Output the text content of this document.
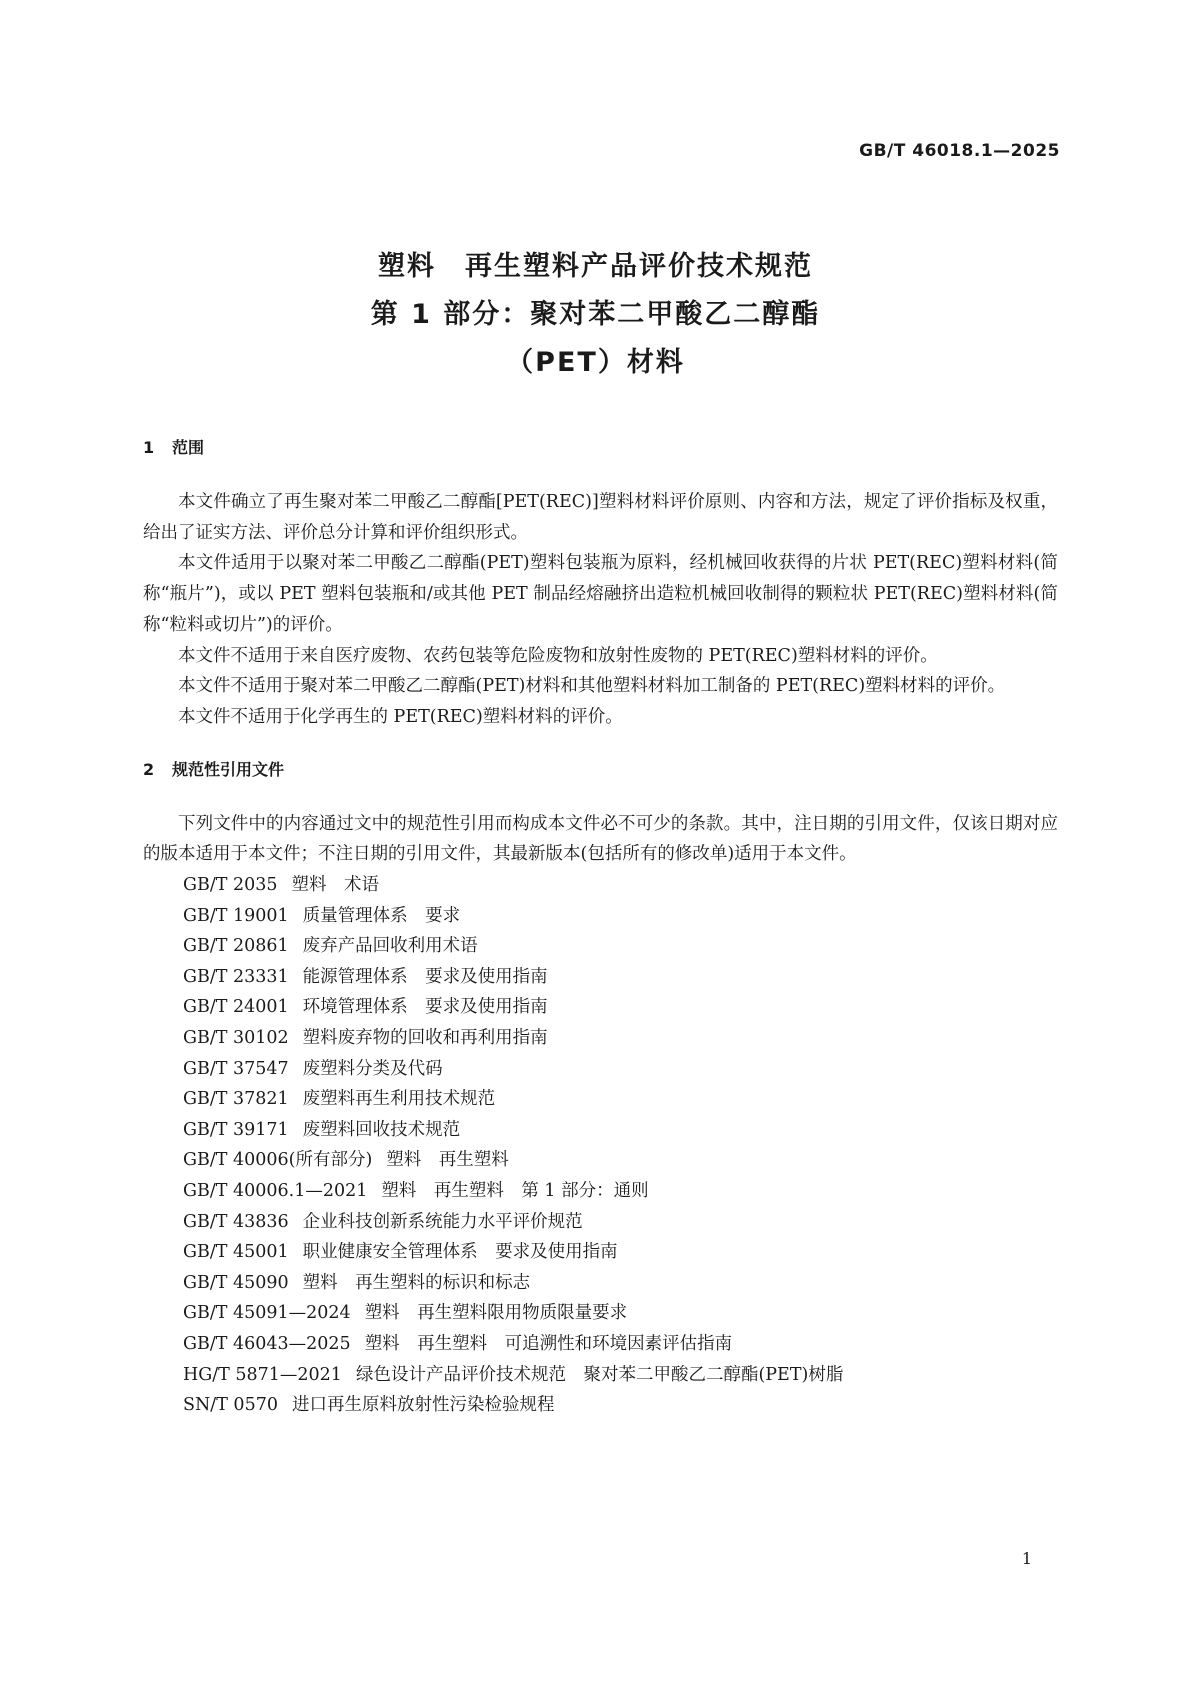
GB/T 46018.1—2025

塑料　再生塑料产品评价技术规范

第 1 部分：聚对苯二甲酸乙二醇酯

（PET）材料

1 范围

本文件确立了再生聚对苯二甲酸乙二醇酯[PET(REC)]塑料材料评价原则、内容和方法，规定了评价指标及权重，给出了证实方法、评价总分计算和评价组织形式。

本文件适用于以聚对苯二甲酸乙二醇酯(PET)塑料包装瓶为原料，经机械回收获得的片状 PET(REC)塑料材料(简称“瓶片”)，或以 PET 塑料包装瓶和/或其他 PET 制品经熔融挤出造粒机械回收制得的颗粒状 PET(REC)塑料材料(简称“粒料或切片”)的评价。

本文件不适用于来自医疗废物、农药包装等危险废物和放射性废物的 PET(REC)塑料材料的评价。

本文件不适用于聚对苯二甲酸乙二醇酯(PET)材料和其他塑料材料加工制备的 PET(REC)塑料材料的评价。

本文件不适用于化学再生的 PET(REC)塑料材料的评价。

2 规范性引用文件

下列文件中的内容通过文中的规范性引用而构成本文件必不可少的条款。其中，注日期的引用文件，仅该日期对应的版本适用于本文件；不注日期的引用文件，其最新版本(包括所有的修改单)适用于本文件。

GB/T 2035 塑料　术语
GB/T 19001 质量管理体系　要求
GB/T 20861 废弃产品回收利用术语
GB/T 23331 能源管理体系　要求及使用指南
GB/T 24001 环境管理体系　要求及使用指南
GB/T 30102 塑料废弃物的回收和再利用指南
GB/T 37547 废塑料分类及代码
GB/T 37821 废塑料再生利用技术规范
GB/T 39171 废塑料回收技术规范
GB/T 40006(所有部分) 塑料　再生塑料
GB/T 40006.1—2021 塑料　再生塑料　第 1 部分：通则
GB/T 43836 企业科技创新系统能力水平评价规范
GB/T 45001 职业健康安全管理体系　要求及使用指南
GB/T 45090 塑料　再生塑料的标识和标志
GB/T 45091—2024 塑料　再生塑料限用物质限量要求
GB/T 46043—2025 塑料　再生塑料　可追溯性和环境因素评估指南
HG/T 5871—2021 绿色设计产品评价技术规范　聚对苯二甲酸乙二醇酯(PET)树脂
SN/T 0570 进口再生原料放射性污染检验规程

1
